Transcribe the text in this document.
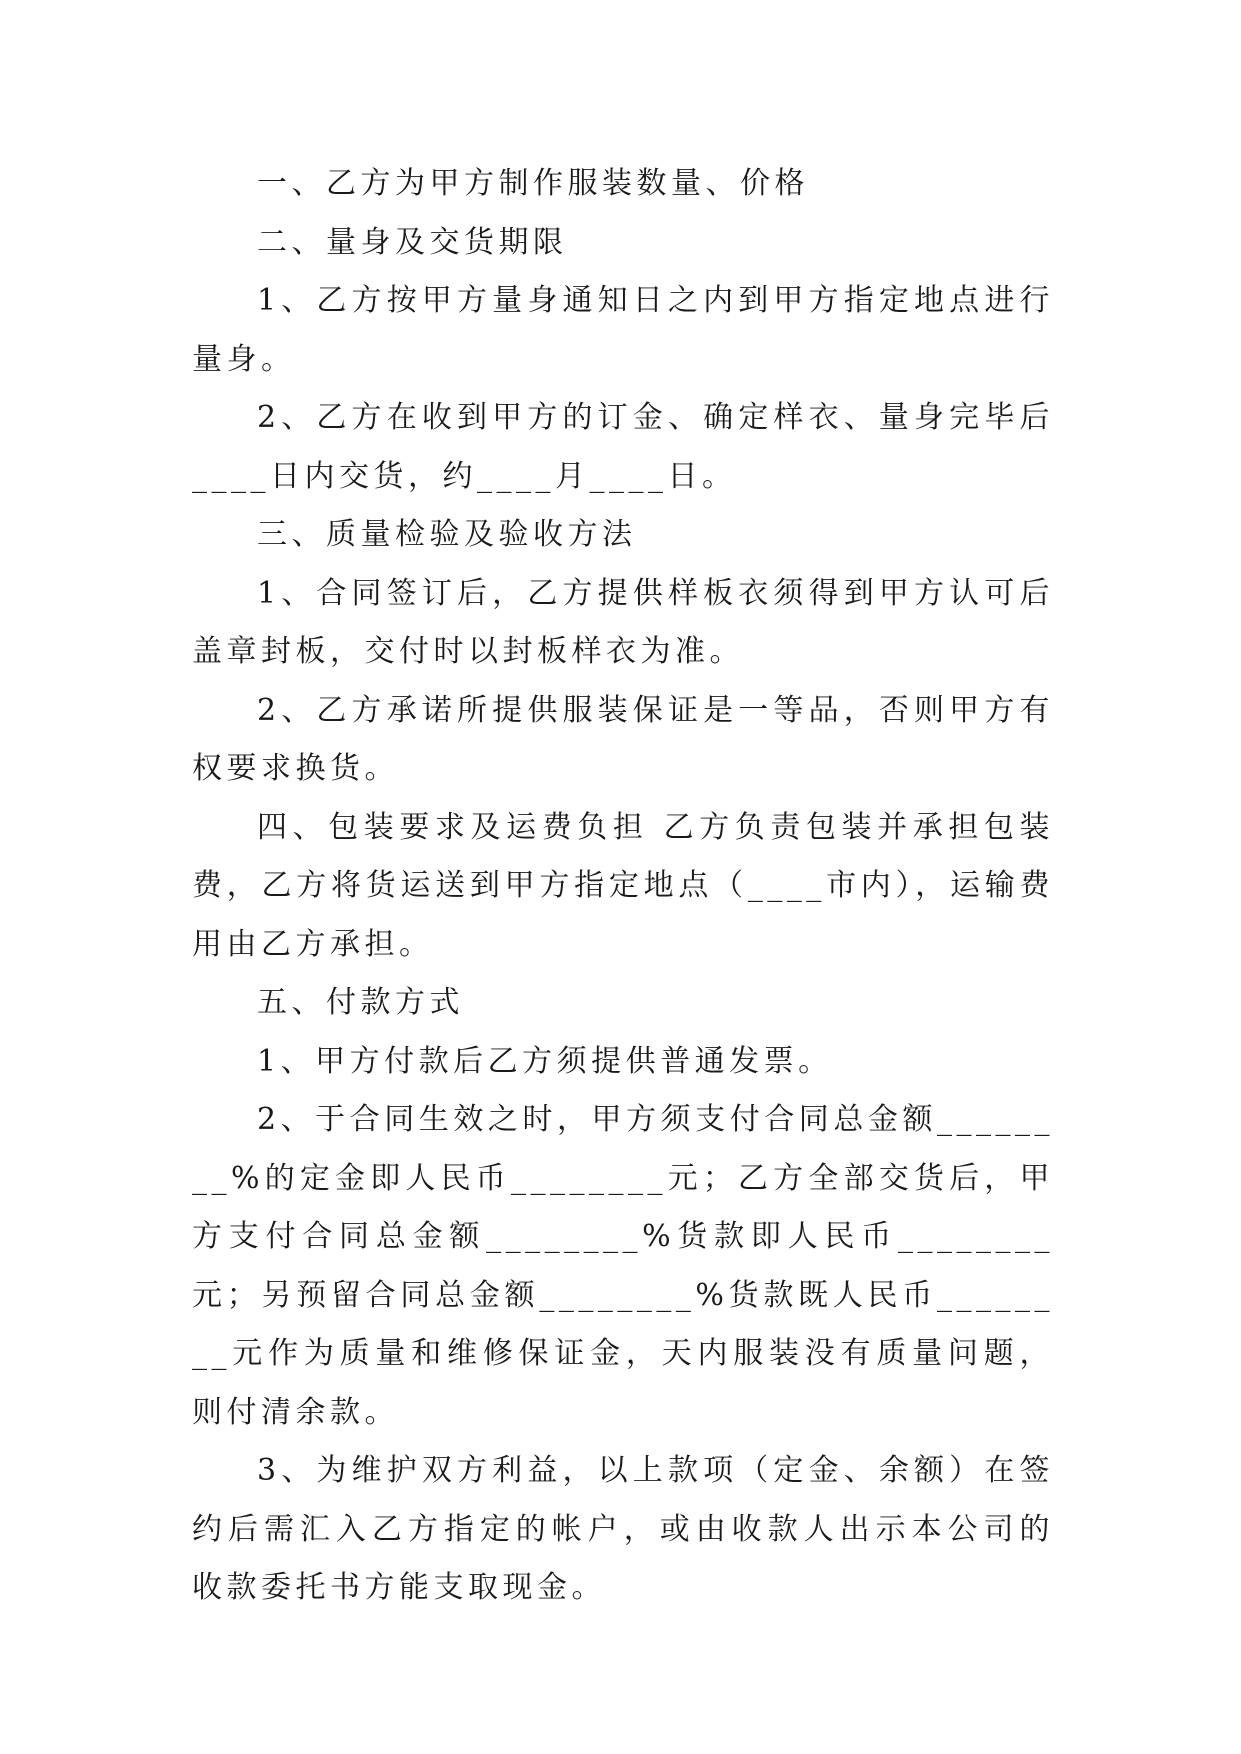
一、乙方为甲方制作服装数量、价格

二、量身及交货期限

1、乙方按甲方量身通知日之内到甲方指定地点进行量身。

2、乙方在收到甲方的订金、确定样衣、量身完毕后____日内交货，约____月____日。

三、质量检验及验收方法

1、合同签订后，乙方提供样板衣须得到甲方认可后盖章封板，交付时以封板样衣为准。

2、乙方承诺所提供服装保证是一等品，否则甲方有权要求换货。

四、包装要求及运费负担 乙方负责包装并承担包装费，乙方将货运送到甲方指定地点（____市内），运输费用由乙方承担。

五、付款方式

1、甲方付款后乙方须提供普通发票。

2、于合同生效之时，甲方须支付合同总金额________%的定金即人民币________元；乙方全部交货后，甲方支付合同总金额________%货款即人民币________元；另预留合同总金额________%货款既人民币________元作为质量和维修保证金，天内服装没有质量问题，则付清余款。

3、为维护双方利益，以上款项（定金、余额）在签约后需汇入乙方指定的帐户，或由收款人出示本公司的收款委托书方能支取现金。
